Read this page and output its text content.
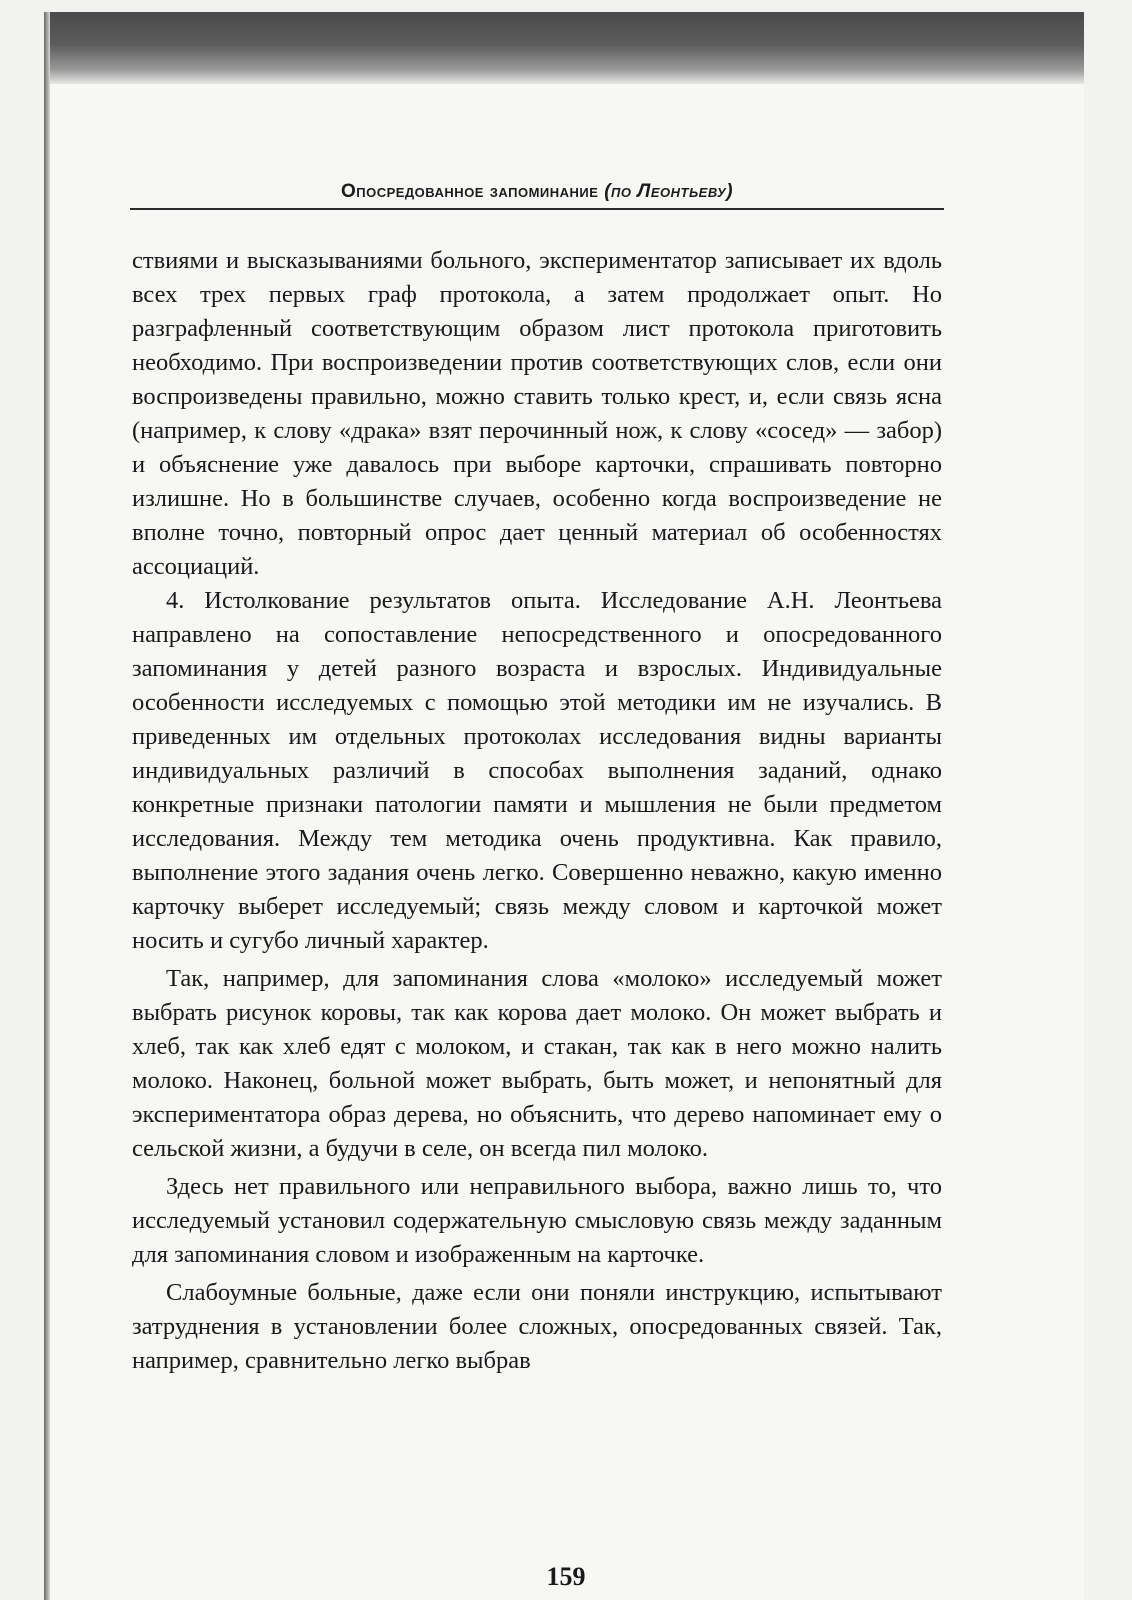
Опосредованное запоминание (по Леонтьеву)

ствиями и высказываниями больного, экспериментатор записывает их вдоль всех трех первых граф протокола, а затем продолжает опыт. Но разграфленный соответствующим образом лист протокола приготовить необходимо. При воспроизведении против соответствующих слов, если они воспроизведены правильно, можно ставить только крест, и, если связь ясна (например, к слову «драка» взят перочинный нож, к слову «сосед» — забор) и объяснение уже давалось при выборе карточки, спрашивать повторно излишне. Но в большинстве случаев, особенно когда воспроизведение не вполне точно, повторный опрос дает ценный материал об особенностях ассоциаций.

4. Истолкование результатов опыта. Исследование А.Н. Леонтьева направлено на сопоставление непосредственного и опосредованного запоминания у детей разного возраста и взрослых. Индивидуальные особенности исследуемых с помощью этой методики им не изучались. В приведенных им отдельных протоколах исследования видны варианты индивидуальных различий в способах выполнения заданий, однако конкретные признаки патологии памяти и мышления не были предметом исследования. Между тем методика очень продуктивна. Как правило, выполнение этого задания очень легко. Совершенно неважно, какую именно карточку выберет исследуемый; связь между словом и карточкой может носить и сугубо личный характер.

Так, например, для запоминания слова «молоко» исследуемый может выбрать рисунок коровы, так как корова дает молоко. Он может выбрать и хлеб, так как хлеб едят с молоком, и стакан, так как в него можно налить молоко. Наконец, больной может выбрать, быть может, и непонятный для экспериментатора образ дерева, но объяснить, что дерево напоминает ему о сельской жизни, а будучи в селе, он всегда пил молоко.

Здесь нет правильного или неправильного выбора, важно лишь то, что исследуемый установил содержательную смысловую связь между заданным для запоминания словом и изображенным на карточке.

Слабоумные больные, даже если они поняли инструкцию, испытывают затруднения в установлении более сложных, опосредованных связей. Так, например, сравнительно легко выбрав

159
